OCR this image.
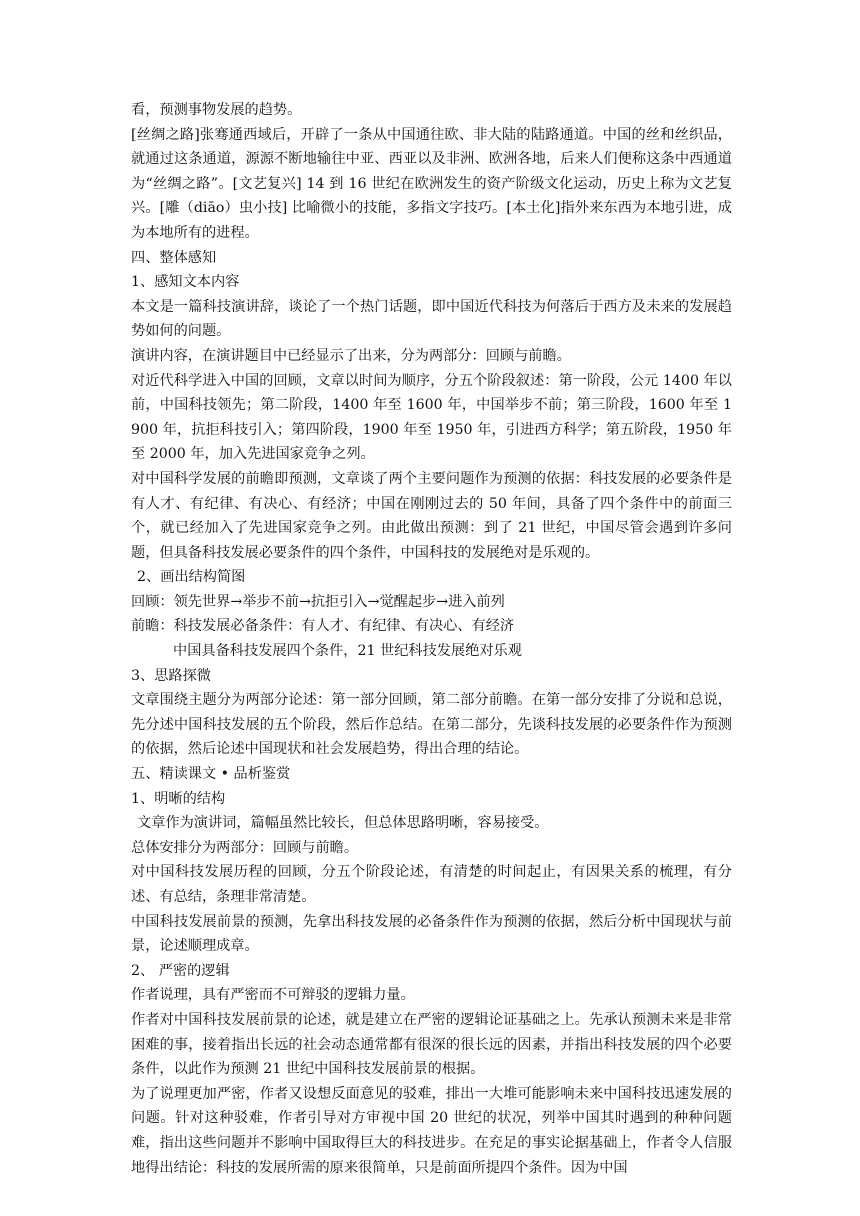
看，预测事物发展的趋势。

[丝绸之路]张骞通西域后，开辟了一条从中国通往欧、非大陆的陆路通道。中国的丝和丝织品，就通过这条通道，源源不断地输往中亚、西亚以及非洲、欧洲各地，后来人们便称这条中西通道为“丝绸之路”。[文艺复兴] 14 到 16 世纪在欧洲发生的资产阶级文化运动，历史上称为文艺复兴。[雕（diāo）虫小技] 比喻微小的技能，多指文字技巧。[本土化]指外来东西为本地引进，成为本地所有的进程。

四、整体感知

1、感知文本内容

本文是一篇科技演讲辞，谈论了一个热门话题，即中国近代科技为何落后于西方及未来的发展趋势如何的问题。

演讲内容，在演讲题目中已经显示了出来，分为两部分：回顾与前瞻。

对近代科学进入中国的回顾，文章以时间为顺序，分五个阶段叙述：第一阶段，公元 1400 年以前，中国科技领先；第二阶段，1400 年至 1600 年，中国举步不前；第三阶段，1600 年至 1900 年，抗拒科技引入；第四阶段，1900 年至 1950 年，引进西方科学；第五阶段，1950 年至 2000 年，加入先进国家竞争之列。

对中国科学发展的前瞻即预测，文章谈了两个主要问题作为预测的依据：科技发展的必要条件是有人才、有纪律、有决心、有经济；中国在刚刚过去的 50 年间，具备了四个条件中的前面三个，就已经加入了先进国家竞争之列。由此做出预测：到了 21 世纪，中国尽管会遇到许多问题，但具备科技发展必要条件的四个条件，中国科技的发展绝对是乐观的。

2、画出结构简图

回顾：领先世界→举步不前→抗拒引入→觉醒起步→进入前列

前瞻：科技发展必备条件：有人才、有纪律、有决心、有经济

中国具备科技发展四个条件，21 世纪科技发展绝对乐观

3、思路探微

文章围绕主题分为两部分论述：第一部分回顾，第二部分前瞻。在第一部分安排了分说和总说，先分述中国科技发展的五个阶段，然后作总结。在第二部分，先谈科技发展的必要条件作为预测的依据，然后论述中国现状和社会发展趋势，得出合理的结论。

五、精读课文 • 品析鉴赏

1、明晰的结构

文章作为演讲词，篇幅虽然比较长，但总体思路明晰，容易接受。

总体安排分为两部分：回顾与前瞻。

对中国科技发展历程的回顾，分五个阶段论述，有清楚的时间起止，有因果关系的梳理，有分述、有总结，条理非常清楚。

中国科技发展前景的预测，先拿出科技发展的必备条件作为预测的依据，然后分析中国现状与前景，论述顺理成章。

2、 严密的逻辑

作者说理，具有严密而不可辩驳的逻辑力量。

作者对中国科技发展前景的论述，就是建立在严密的逻辑论证基础之上。先承认预测未来是非常困难的事，接着指出长远的社会动态通常都有很深的很长远的因素，并指出科技发展的四个必要条件，以此作为预测 21 世纪中国科技发展前景的根据。

为了说理更加严密，作者又设想反面意见的驳难，排出一大堆可能影响未来中国科技迅速发展的问题。针对这种驳难，作者引导对方审视中国 20 世纪的状况，列举中国其时遇到的种种问题难，指出这些问题并不影响中国取得巨大的科技进步。在充足的事实论据基础上，作者令人信服地得出结论：科技的发展所需的原来很简单，只是前面所提四个条件。因为中国
